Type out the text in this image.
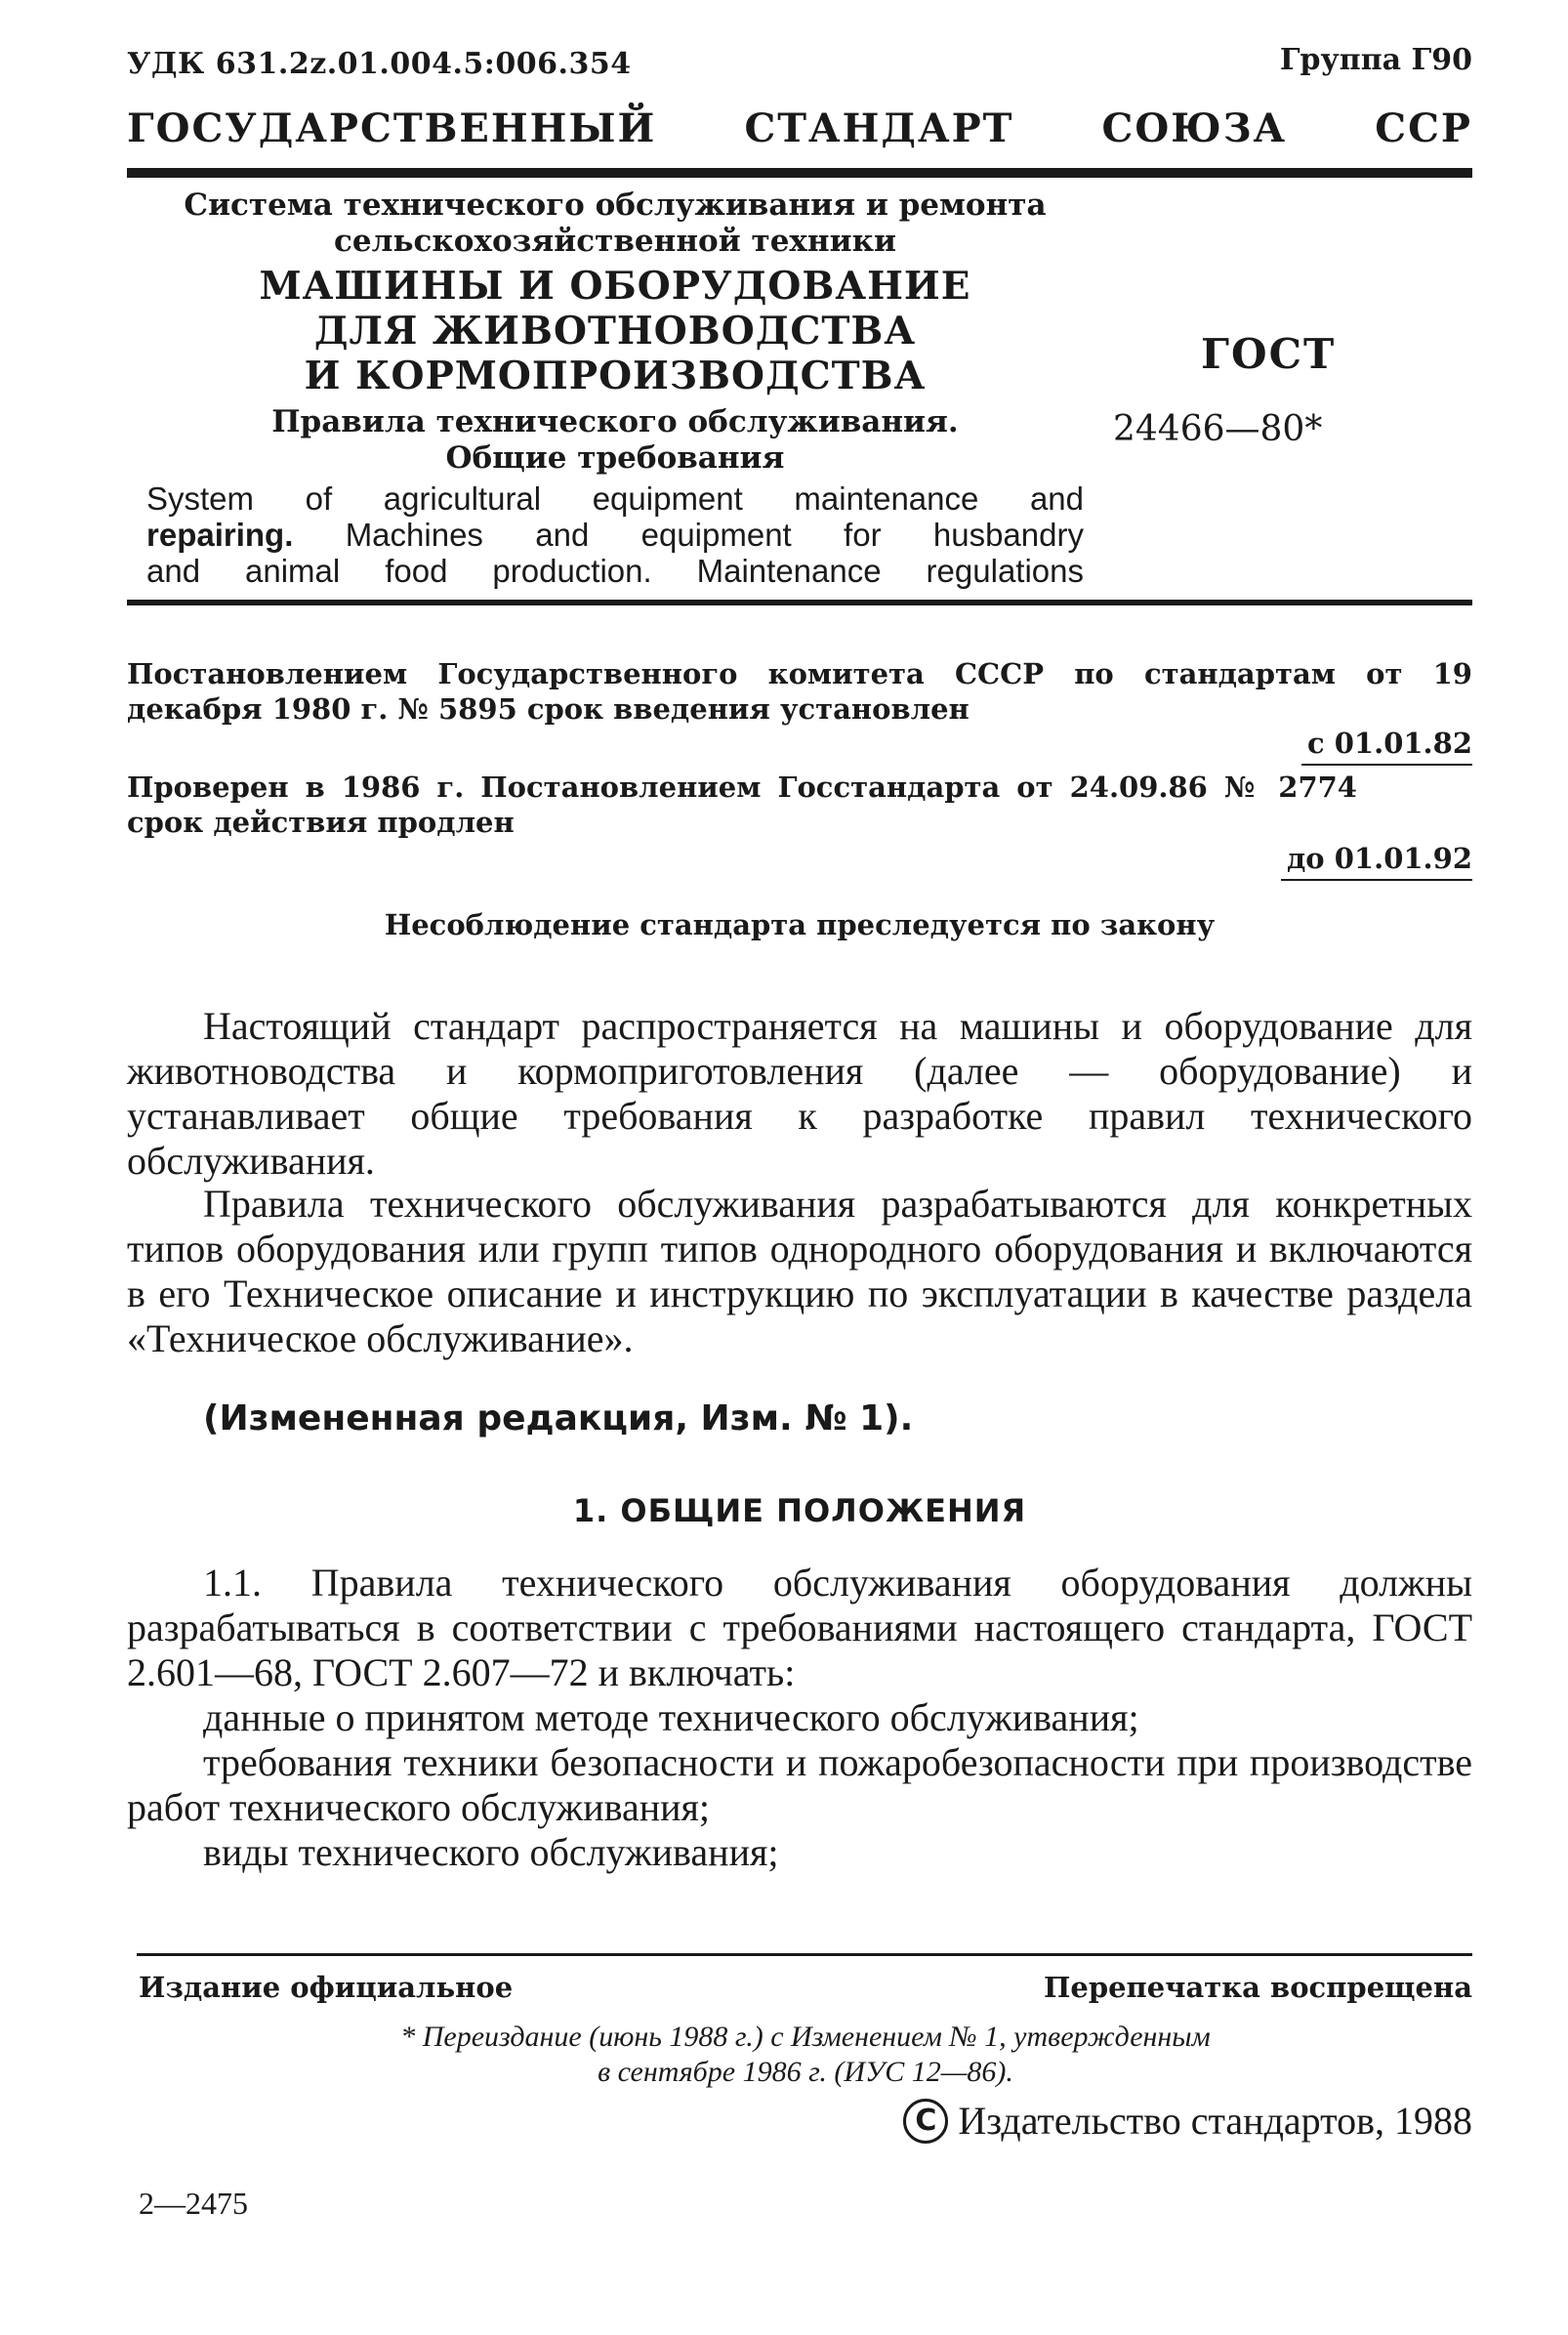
УДК 631.2z.01.004.5:006.354	Группа Г90
ГОСУДАРСТВЕННЫЙ СТАНДАРТ СОЮЗА ССР
Система технического обслуживания и ремонта
сельскохозяйственной техники
МАШИНЫ И ОБОРУДОВАНИЕ
ДЛЯ ЖИВОТНОВОДСТВА
И КОРМОПРОИЗВОДСТВА
Правила технического обслуживания.
Общие требования
System of agricultural equipment maintenance and
repairing. Machines and equipment for husbandry
and animal food production. Maintenance regulations
ГОСТ
24466—80*
Постановлением Государственного комитета СССР по стандартам от 19 декабря 1980 г. № 5895 срок введения установлен
с 01.01.82
Проверен в 1986 г. Постановлением Госстандарта от 24.09.86 № 2774 срок действия продлен
до 01.01.92
Несоблюдение стандарта преследуется по закону
Настоящий стандарт распространяется на машины и оборудование для животноводства и кормоприготовления (далее — оборудование) и устанавливает общие требования к разработке правил технического обслуживания.
Правила технического обслуживания разрабатываются для конкретных типов оборудования или групп типов однородного оборудования и включаются в его Техническое описание и инструкцию по эксплуатации в качестве раздела «Техническое обслуживание».
(Измененная редакция, Изм. № 1).
1. ОБЩИЕ ПОЛОЖЕНИЯ
1.1. Правила технического обслуживания оборудования должны разрабатываться в соответствии с требованиями настоящего стандарта, ГОСТ 2.601—68, ГОСТ 2.607—72 и включать:
данные о принятом методе технического обслуживания;
требования техники безопасности и пожаробезопасности при производстве работ технического обслуживания;
виды технического обслуживания;
Издание официальное	Перепечатка воспрещена
* Переиздание (июнь 1988 г.) с Изменением № 1, утвержденным
в сентябре 1986 г. (ИУС 12—86).
C Издательство стандартов, 1988
2—2475
